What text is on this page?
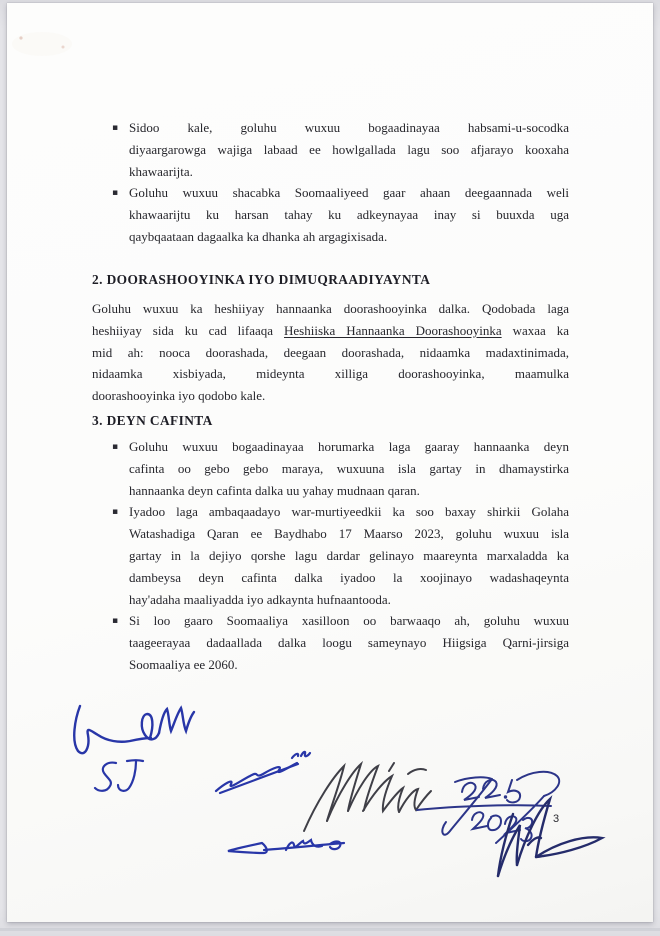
▪ Sidoo kale, goluhu wuxuu bogaadinayaa habsami-u-socodka
diyaargarowga wajiga labaad ee howlgallada lagu soo afjarayo kooxaha
khawaarijta.
▪ Goluhu wuxuu shacabka Soomaaliyeed gaar ahaan deegaannada weli
khawaarijtu ku harsan tahay ku adkeynayaa inay si buuxda uga
qaybqaataan dagaalka ka dhanka ah argagixisada.
2. DOORASHOOYINKA IYO DIMUQRAADIYAYNTA
Goluhu wuxuu ka heshiiyay hannaanka doorashooyinka dalka. Qodobada laga
heshiiyay sida ku cad lifaaqa Heshiiska Hannaanka Doorashooyinka waxaa ka
mid ah: nooca doorashada, deegaan doorashada, nidaamka madaxtinimada,
nidaamka xisbiyada, mideynta xilliga doorashooyinka, maamulka
doorashooyinka iyo qodobo kale.
3. DEYN CAFINTA
▪ Goluhu wuxuu bogaadinayaa horumarka laga gaaray hannaanka deyn
cafinta oo gebo gebo maraya, wuxuuna isla gartay in dhamaystirka
hannaanka deyn cafinta dalka uu yahay mudnaan qaran.
▪ Iyadoo laga ambaqaadayo war-murtiyeedkii ka soo baxay shirkii Golaha
Watashadiga Qaran ee Baydhabo 17 Maarso 2023, goluhu wuxuu isla
gartay in la dejiyo qorshe lagu dardar gelinayo maareynta marxaladda ka
dambeysa deyn cafinta dalka iyadoo la xoojinayo wadashaqeynta
hay'adaha maaliyadda iyo adkaynta hufnaantooda.
▪ Si loo gaaro Soomaaliya xasilloon oo barwaaqo ah, goluhu wuxuu
taageerayaa dadaallada dalka loogu sameynayo Hiigsiga Qarni-jirsiga
Soomaaliya ee 2060.
3
